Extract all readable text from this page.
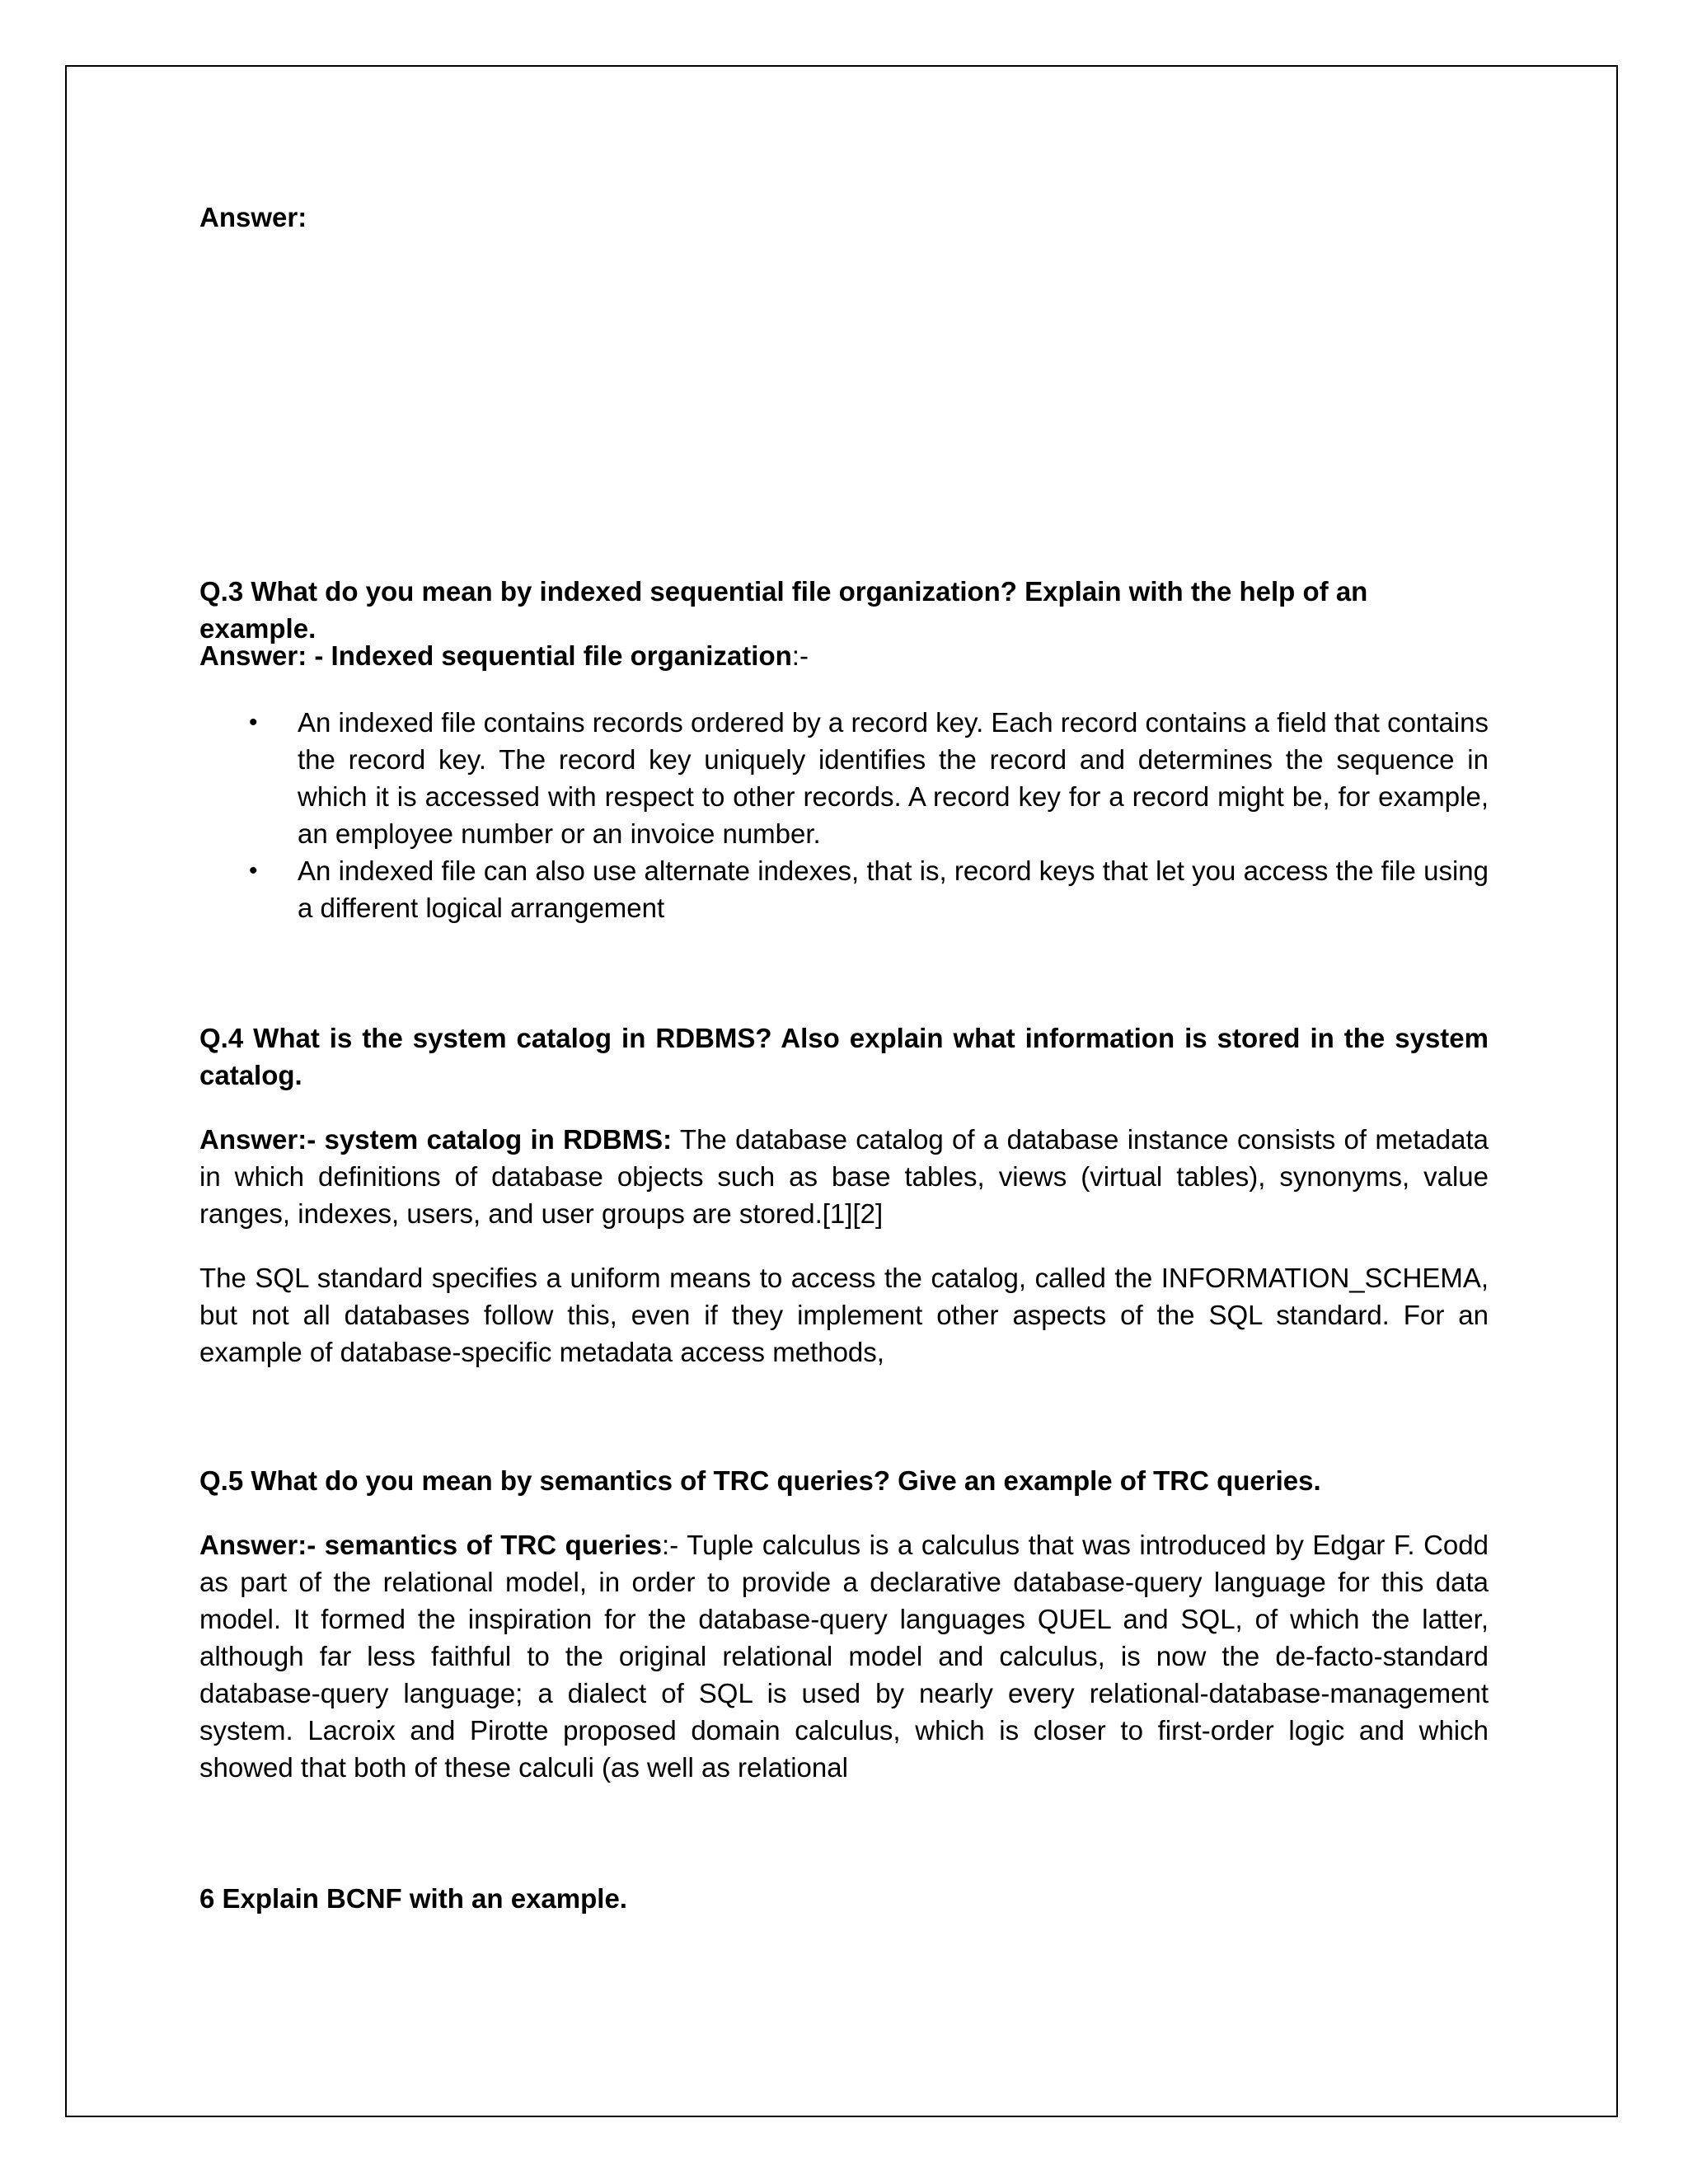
Answer:
Q.3 What do you mean by indexed sequential file organization? Explain with the help of an example.
Answer: - Indexed sequential file organization:-
• An indexed file contains records ordered by a record key. Each record contains a field that contains the record key. The record key uniquely identifies the record and determines the sequence in which it is accessed with respect to other records. A record key for a record might be, for example, an employee number or an invoice number.
• An indexed file can also use alternate indexes, that is, record keys that let you access the file using a different logical arrangement
Q.4 What is the system catalog in RDBMS? Also explain what information is stored in the system catalog.
Answer:- system catalog in RDBMS: The database catalog of a database instance consists of metadata in which definitions of database objects such as base tables, views (virtual tables), synonyms, value ranges, indexes, users, and user groups are stored.[1][2]
The SQL standard specifies a uniform means to access the catalog, called the INFORMATION_SCHEMA, but not all databases follow this, even if they implement other aspects of the SQL standard. For an example of database-specific metadata access methods,
Q.5 What do you mean by semantics of TRC queries? Give an example of TRC queries.
Answer:- semantics of TRC queries:- Tuple calculus is a calculus that was introduced by Edgar F. Codd as part of the relational model, in order to provide a declarative database-query language for this data model. It formed the inspiration for the database-query languages QUEL and SQL, of which the latter, although far less faithful to the original relational model and calculus, is now the de-facto-standard database-query language; a dialect of SQL is used by nearly every relational-database-management system. Lacroix and Pirotte proposed domain calculus, which is closer to first-order logic and which showed that both of these calculi (as well as relational
6 Explain BCNF with an example.
